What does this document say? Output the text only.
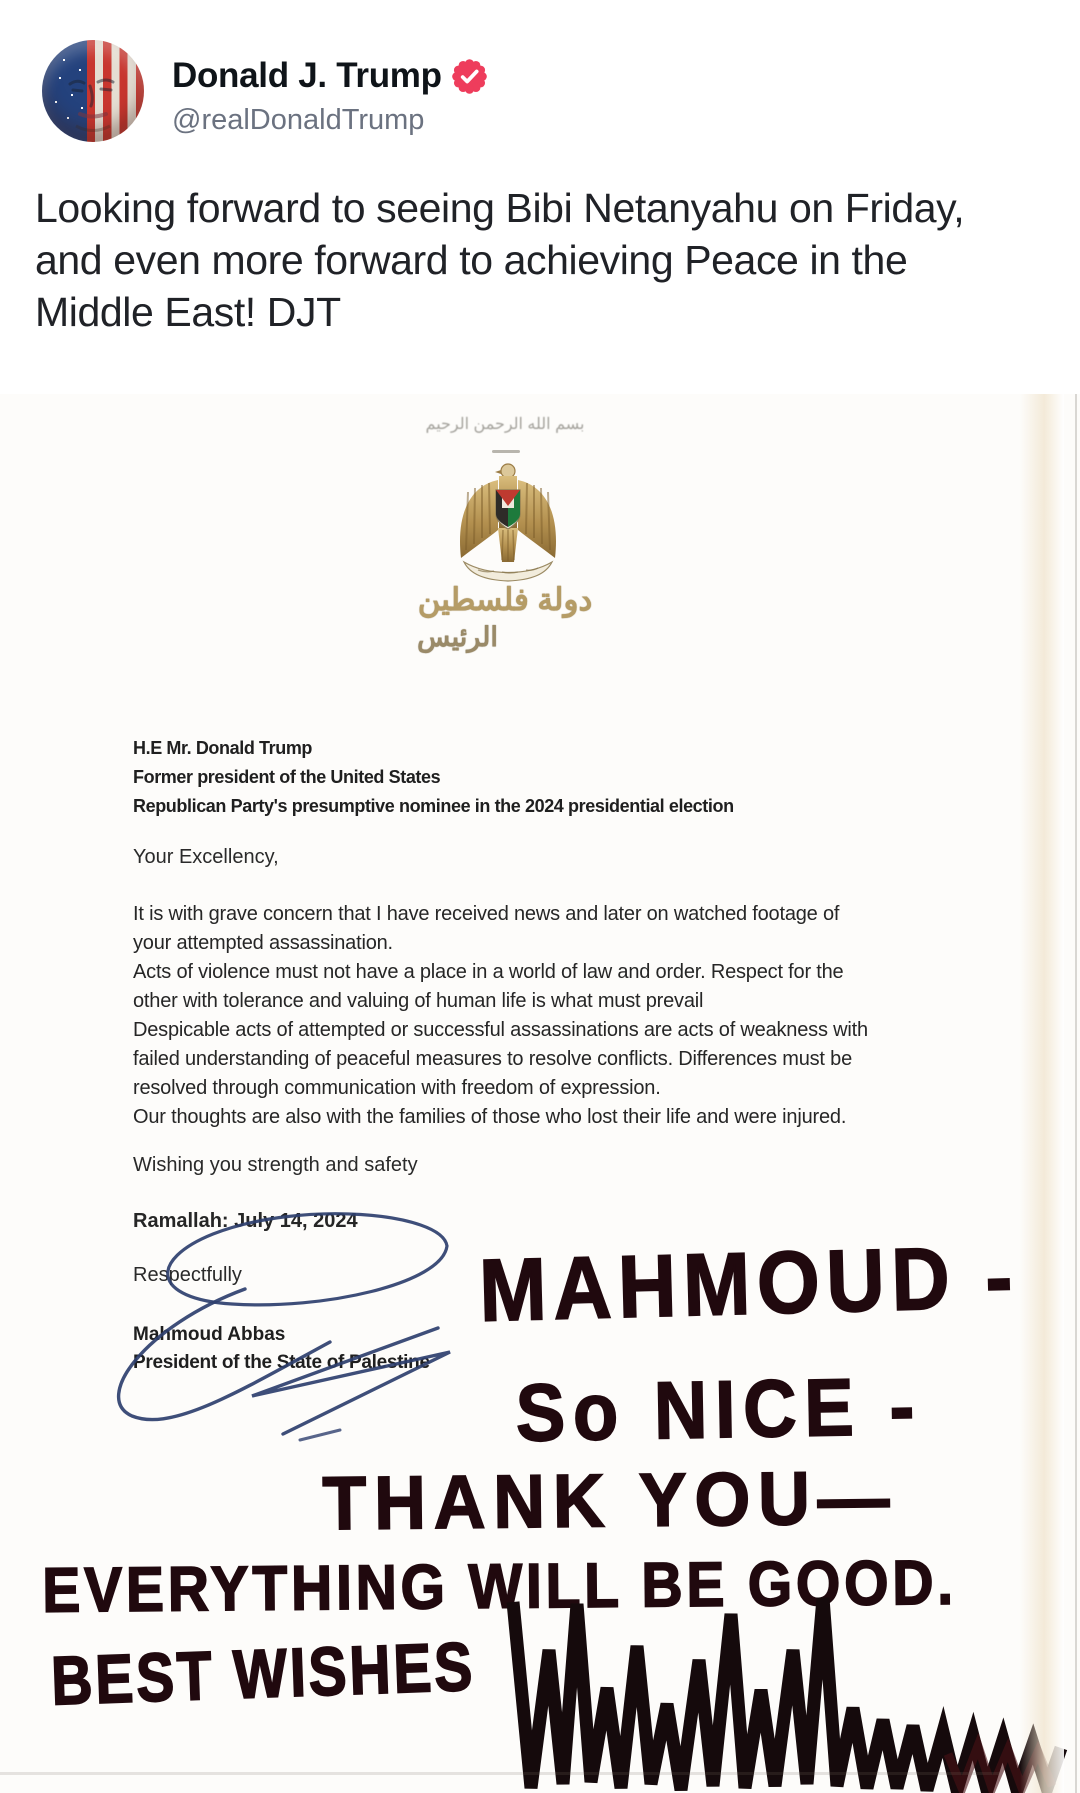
Donald J. Trump
@realDonaldTrump
Looking forward to seeing Bibi Netanyahu on Friday,
and even more forward to achieving Peace in the
Middle East! DJT
بسم الله الرحمن الرحيم
دولة فلسطين
الرئيس
H.E Mr. Donald Trump
Former president of the United States
Republican Party's presumptive nominee in the 2024 presidential election
Your Excellency,
It is with grave concern that I have received news and later on watched footage of
your attempted assassination.
Acts of violence must not have a place in a world of law and order. Respect for the
other with tolerance and valuing of human life is what must prevail
Despicable acts of attempted or successful assassinations are acts of weakness with
failed understanding of peaceful measures to resolve conflicts. Differences must be
resolved through communication with freedom of expression.
Our thoughts are also with the families of those who lost their life and were injured.
Wishing you strength and safety
Ramallah: July 14, 2024
Respectfully
Mahmoud Abbas
President of the State of Palestine
MAHMOUD -
So NICE -
THANK YOU—
EVERYTHING WILL BE GOOD.
BEST WISHES
